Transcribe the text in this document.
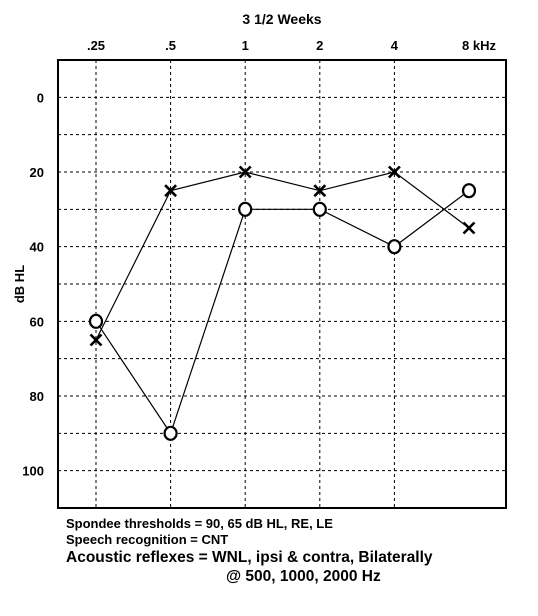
3 1/2 Weeks
.25	.5	1	2	4	8 kHz
0
20
40
60
80
100
dB HL
Spondee thresholds = 90, 65 dB HL, RE, LE
Speech recognition = CNT
Acoustic reflexes = WNL, ipsi & contra, Bilaterally
@ 500, 1000, 2000 Hz
